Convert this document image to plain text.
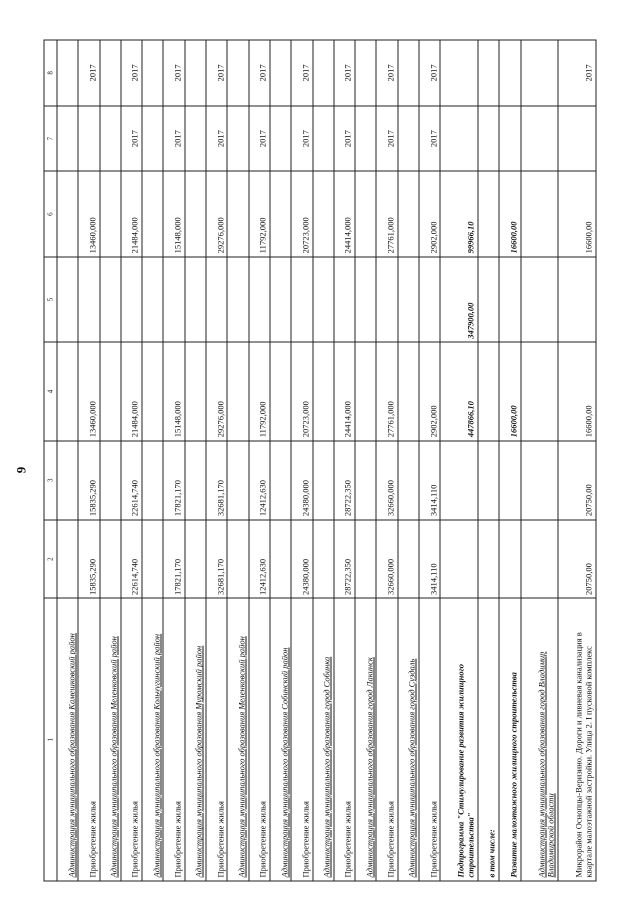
9
1	2	3	4	5	6	7	8
Администрация муниципального образования Камешковский район							
Приобретение жилья	15835,290	15835,290	13460,000		13460,000		2017
Администрация муниципального образования Меленковский район							
Приобретение жилья	22614,740	22614,740	21484,000		21484,000	2017	2017
Администрация муниципального образования Кольчугинский район							
Приобретение жилья	17821,170	17821,170	15148,000		15148,000	2017	2017
Администрация муниципального образования Муромский район							
Приобретение жилья	32681,170	32681,170	29276,000		29276,000	2017	2017
Администрация муниципального образования Меленковский район							
Приобретение жилья	12412,630	12412,630	11792,000		11792,000	2017	2017
Администрация муниципального образования Собинский район							
Приобретение жилья	24380,000	24380,000	20723,000		20723,000	2017	2017
Администрация муниципального образования город Собинка							
Приобретение жилья	28722,350	28722,350	24414,000		24414,000	2017	2017
Администрация муниципального образования город Лакинск							
Приобретение жилья	32660,000	32660,000	27761,000		27761,000	2017	2017
Администрация муниципального образования город Суздаль							
Приобретение жилья	3414,110	3414,110	2902,000		2902,000	2017	2017
Подпрограмма "Стимулирование развития жилищного строительства"			447866,10	347900,00	99966,10		
в том числе:							
Развитие малоэтажного жилищного строительства			16600,00		16600,00		
Администрация муниципального образования город Владимир Владимирской области							
Микрорайон Оснопцы-Веризино. Дороги и ливневая канализация в квартале малоэтажной застройки. Улица 2. I пусковой комплекс	20750,00	20750,00	16600,00		16600,00		2017
